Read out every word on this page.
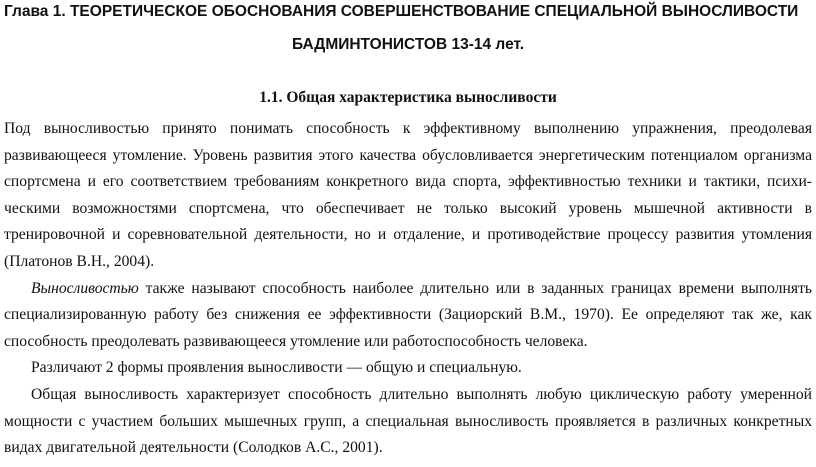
Глава 1. ТЕОРЕТИЧЕСКОЕ ОБОСНОВАНИЯ СОВЕРШЕНСТВОВАНИЕ СПЕЦИАЛЬНОЙ ВЫНОСЛИВОСТИ
БАДМИНТОНИСТОВ 13-14 лет.
1.1. Общая характеристика выносливости

Под выносливостью принято понимать способность к эффективному выполнению упражнения, преодолевая развивающееся утомление. Уровень развития этого качества обусловливается энергетическим потенциалом организма спортсмена и его соответствием требованиям конкретного вида спорта, эффективностью техники и тактики, психическими возможностями спортсмена, что обеспечивает не только высокий уровень мышечной активности в тренировочной и соревновательной деятельности, но и отдаление, и противодействие процессу развития утомления (Платонов В.Н., 2004).

Выносливостью также называют способность наиболее длительно или в заданных границах времени выполнять специализированную работу без снижения ее эффективности (Зациорский В.М., 1970). Ее определяют так же, как способность преодолевать развивающееся утомление или работоспособность человека.

Различают 2 формы проявления выносливости — общую и специальную.

Общая выносливость характеризует способность длительно выполнять любую циклическую работу умеренной мощности с участием больших мышечных групп, а специальная выносливость проявляется в различных конкретных видах двигательной деятельности (Солодков А.С., 2001).
